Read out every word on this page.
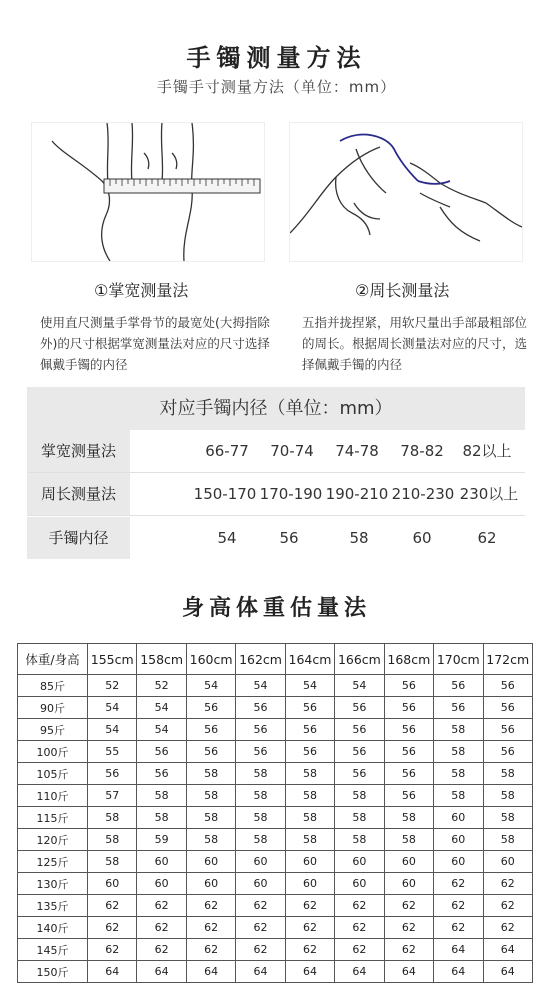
手镯测量方法
手镯手寸测量方法（单位：mm）
①掌宽测量法	②周长测量法
使用直尺测量手掌骨节的最宽处(大拇指除外)的尺寸根据掌宽测量法对应的尺寸选择佩戴手镯的内径
五指并拢捏紧，用软尺量出手部最粗部位的周长。根据周长测量法对应的尺寸，选择佩戴手镯的内径
对应手镯内径（单位：mm）
掌宽测量法	66-77	70-74	74-78	78-82	82以上
周长测量法	150-170 170-190 190-210 210-230 230以上
手镯内径	54	56	58	60	62
身高体重估量法
体重/身高	155cm	158cm	160cm	162cm	164cm	166cm	168cm	170cm	172cm
85斤	52	52	54	54	54	54	56	56	56
90斤	54	54	56	56	56	56	56	56	56
95斤	54	54	56	56	56	56	56	58	56
100斤	55	56	56	56	56	56	56	58	56
105斤	56	56	58	58	58	56	56	58	58
110斤	57	58	58	58	58	58	56	58	58
115斤	58	58	58	58	58	58	58	60	58
120斤	58	59	58	58	58	58	58	60	58
125斤	58	60	60	60	60	60	60	60	60
130斤	60	60	60	60	60	60	60	62	62
135斤	62	62	62	62	62	62	62	62	62
140斤	62	62	62	62	62	62	62	62	62
145斤	62	62	62	62	62	62	62	64	64
150斤	64	64	64	64	64	64	64	64	64
